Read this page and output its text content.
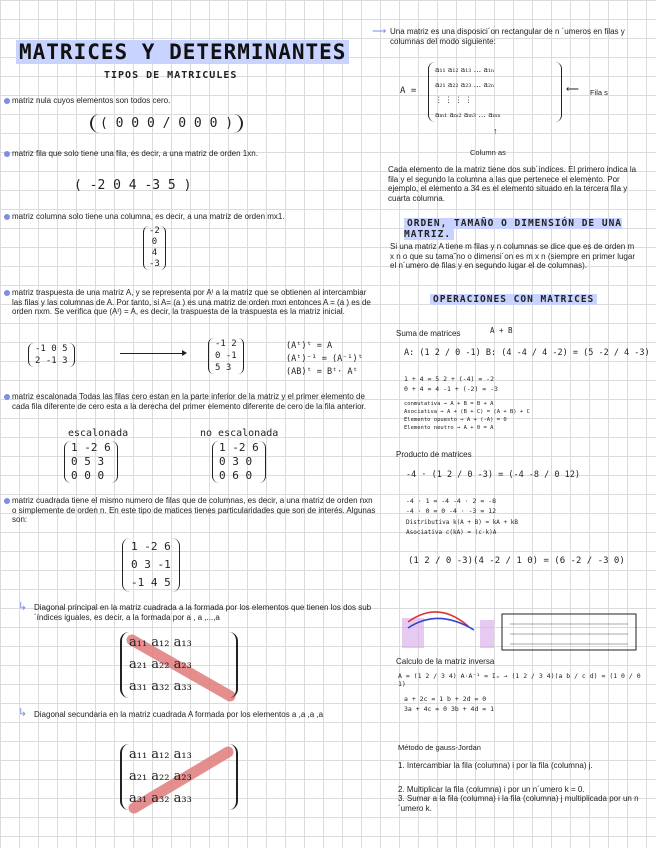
MATRICES Y DETERMINANTES
TIPOS DE MATRICULES
matriz nula cuyos elementos son todos cero.
( 0 0 0 / 0 0 0 )
matriz fila que solo tiene una fila, es decir, a una matriz de orden 1xn.
( -2 0 4 -3 5 )
matriz columna solo tiene una columna, es decir, a una matriz de orden mx1.
-2
0
4
-3
matriz traspuesta de una matriz A, y se representa por Aᵗ a la matriz que se obtienen al intercambiar las filas y las columnas de A. Por tanto, si A= (a ) es una matriz de orden mxn entonces A = (a ) es de orden nxm. Se verifica que (Aᵗ) = A, es decir, la traspuesta de la traspuesta es la matriz inicial.
-1 0 5
2 -1 3
-1 2
0 -1
5 3
(Aᵗ)ᵗ = A
(Aᵗ)⁻¹ = (A⁻¹)ᵗ
(AB)ᵗ = Bᵗ· Aᵗ
matriz escalonada Todas las filas cero estan en la parte inferior de la matriz y el primer elemento de cada fila diferente de cero esta a la derecha del primer elemento diferente de cero de la fila anterior.
escalonada	no escalonada
1 -2 6
0 5 3
0 0 0
1 -2 6
0 3 0
0 6 0
matriz cuadrada tiene el mismo numero de filas que de columnas, es decir, a una matriz de orden nxn o simplemente de orden n. En este tipo de matices tienes particularidades que son de interés. Algunas son:
1 -2 6
0 3 -1
-1 4 5
↳ Diagonal principal en la matriz cuadrada a la formada por los elementos que tienen los dos sub´índices iguales, es decir, a la formada por a , a ,...,a
a₁₁ a₁₂ a₁₃
a₂₁ a₂₂ a₂₃
a₃₁ a₃₂ a₃₃
↳ Diagonal secundaria en la matriz cuadrada A formada por los elementos a ,a ,a ,a
a₁₁ a₁₂ a₁₃
a₂₁ a₂₂ a₂₃
a₃₁ a₃₂ a₃₃
⟶ Una matriz es una disposici´on rectangular de n ´umeros en filas y columnas del modo siguiente:
A =
a₁₁ a₁₂ a₁₃ … a₁ₙ
a₂₁ a₂₂ a₂₃ … a₂ₙ
⋮ ⋮ ⋮ ⋮
aₘ₁ aₘ₂ aₘ₃ … aₘₙ
⟵ Fila s
↑
Column as
Cada elemento de la matriz tiene dos sub´índices. El primero indica la fila y el segundo la columna a las que pertenece el elemento. Por ejemplo, el elemento a 34 es el elemento situado en la tercera fila y cuarta columna.
ORDEN, TAMAÑO O DIMENSIÓN DE UNA MATRIZ.
Si una matriz A tiene m filas y n columnas se dice que es de orden m x n o que su tama˜no o dimensi´on es m x n (siempre en primer lugar el n´umero de filas y en segundo lugar el de columnas).
OPERACIONES CON MATRICES
Suma de matrices	A + B
A: (1 2 / 0 -1) B: (4 -4 / 4 -2) = (5 -2 / 4 -3)
1 + 4 = 5 2 + (-4) = -2
0 + 4 = 4 -1 + (-2) = -3
conmutativa → A + B = B + A
Asociativa → A + (B + C) = (A + B) + C
Elemento opuesto → A + (-A) = 0
Elemento neutro → A + 0 = A
Producto de matrices
-4 · (1 2 / 0 -3) = (-4 -8 / 0 12)
-4 · 1 = -4 -4 · 2 = -8
-4 · 0 = 0 -4 · -3 = 12
Distributiva k(A + B) = kA + kB
Asociativa c(kA) = (c·k)A
(1 2 / 0 -3)(4 -2 / 1 0) = (6 -2 / -3 0)
Calculo de la matriz inversa
A = (1 2 / 3 4) A·A⁻¹ = Iₙ → (1 2 / 3 4)(a b / c d) = (1 0 / 0 1)
a + 2c = 1 b + 2d = 0
3a + 4c = 0 3b + 4d = 1
Método de gauss-Jordan
1. Intercambiar la fila (columna) i por la fila (columna) j.
2. Multiplicar la fila (columna) i por un n´umero k = 0.
3. Sumar a la fila (columna) i la fila (columna) j multiplicada por un n´umero k.
